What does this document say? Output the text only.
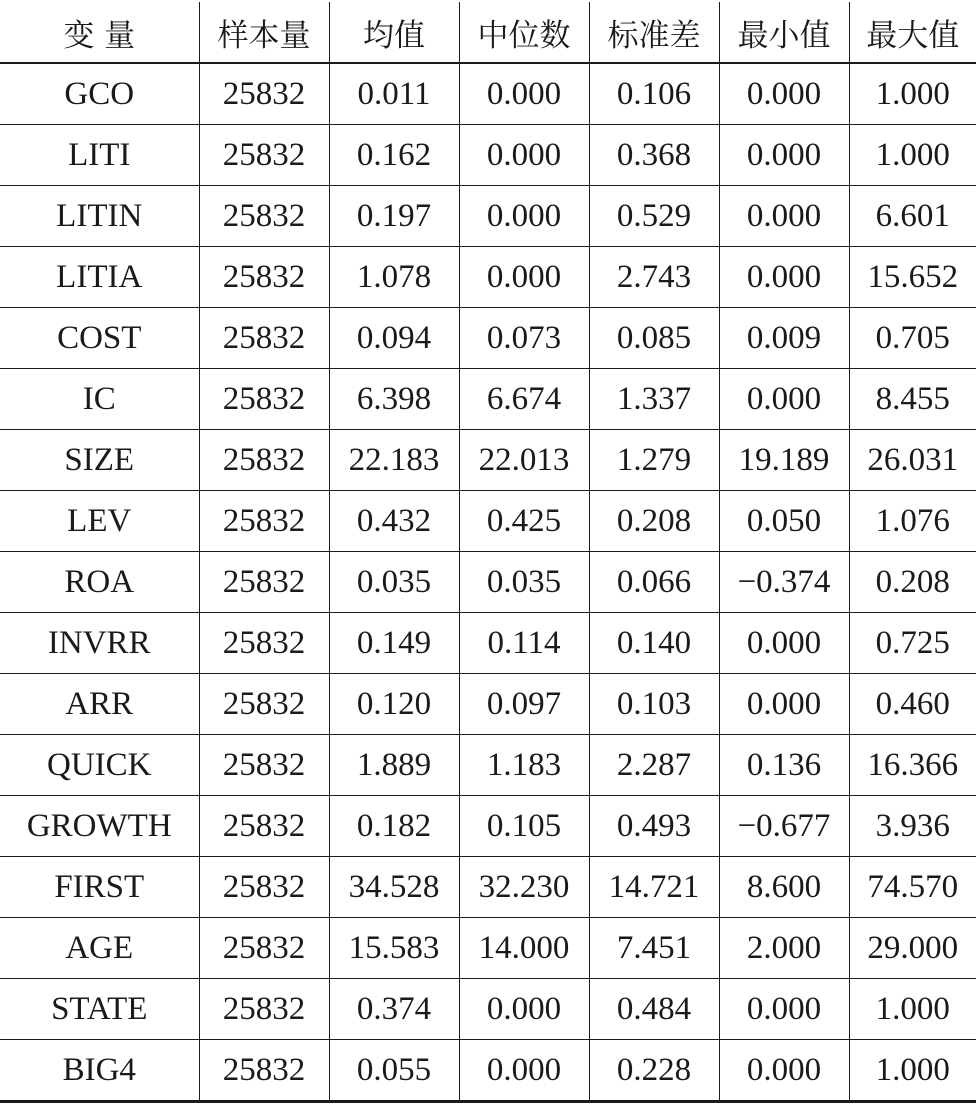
变 量	样本量	均值	中位数	标准差	最小值	最大值
GCO	25832	0.011	0.000	0.106	0.000	1.000
LITI	25832	0.162	0.000	0.368	0.000	1.000
LITIN	25832	0.197	0.000	0.529	0.000	6.601
LITIA	25832	1.078	0.000	2.743	0.000	15.652
COST	25832	0.094	0.073	0.085	0.009	0.705
IC	25832	6.398	6.674	1.337	0.000	8.455
SIZE	25832	22.183	22.013	1.279	19.189	26.031
LEV	25832	0.432	0.425	0.208	0.050	1.076
ROA	25832	0.035	0.035	0.066	−0.374	0.208
INVRR	25832	0.149	0.114	0.140	0.000	0.725
ARR	25832	0.120	0.097	0.103	0.000	0.460
QUICK	25832	1.889	1.183	2.287	0.136	16.366
GROWTH	25832	0.182	0.105	0.493	−0.677	3.936
FIRST	25832	34.528	32.230	14.721	8.600	74.570
AGE	25832	15.583	14.000	7.451	2.000	29.000
STATE	25832	0.374	0.000	0.484	0.000	1.000
BIG4	25832	0.055	0.000	0.228	0.000	1.000
